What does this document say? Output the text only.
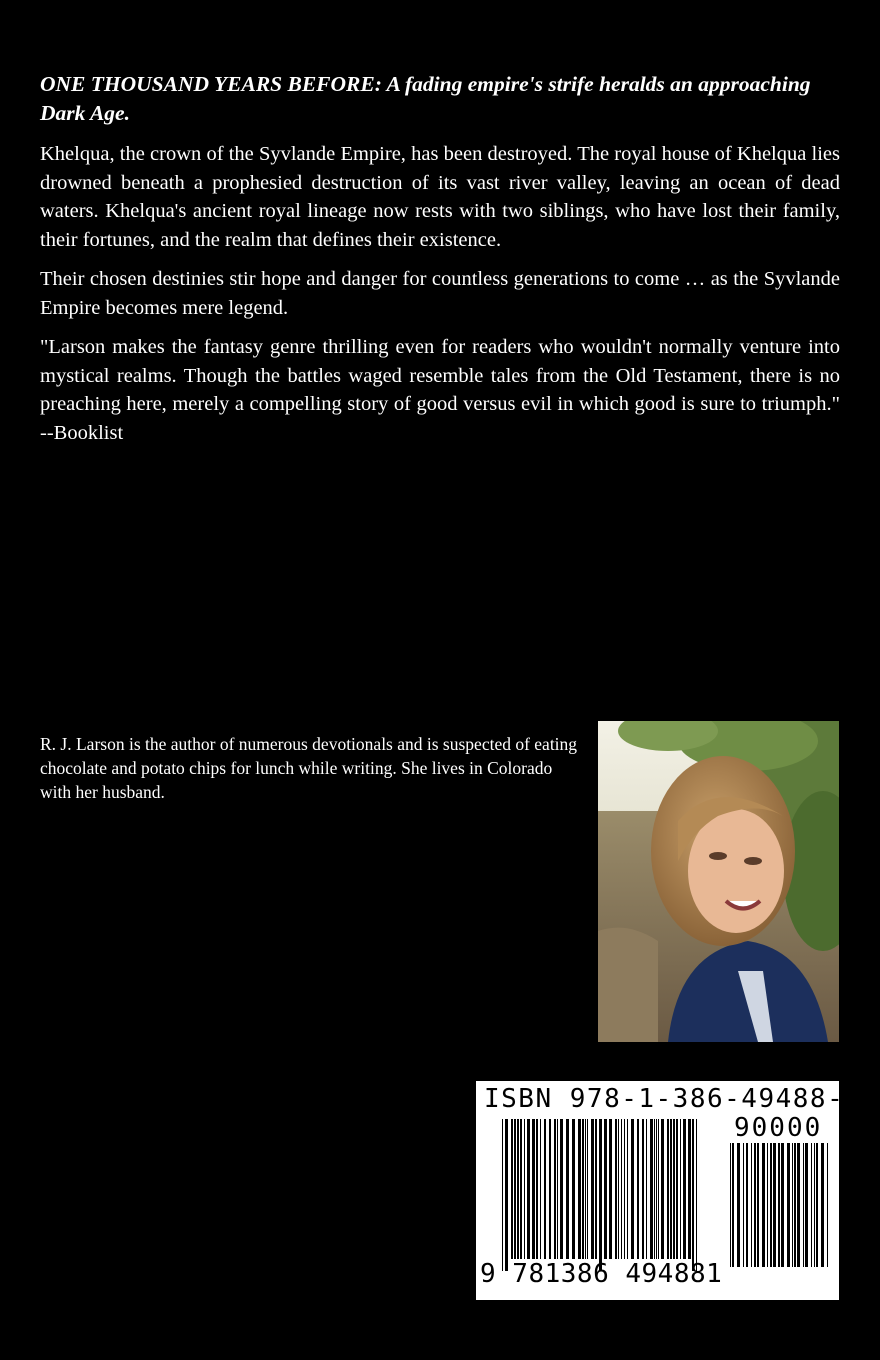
ONE THOUSAND YEARS BEFORE: A fading empire's strife heralds an approaching Dark Age.

Khelqua, the crown of the Syvlande Empire, has been destroyed. The royal house of Khelqua lies drowned beneath a prophesied destruction of its vast river valley, leaving an ocean of dead waters. Khelqua's ancient royal lineage now rests with two siblings, who have lost their family, their fortunes, and the realm that defines their existence.

Their chosen destinies stir hope and danger for countless generations to come … as the Syvlande Empire becomes mere legend.

"Larson makes the fantasy genre thrilling even for readers who wouldn't normally venture into mystical realms. Though the battles waged resemble tales from the Old Testament, there is no preaching here, merely a compelling story of good versus evil in which good is sure to triumph." --Booklist

R. J. Larson is the author of numerous devotionals and is suspected of eating chocolate and potato chips for lunch while writing. She lives in Colorado with her husband.

ISBN 978-1-386-49488-1
90000
9 781386 494881
